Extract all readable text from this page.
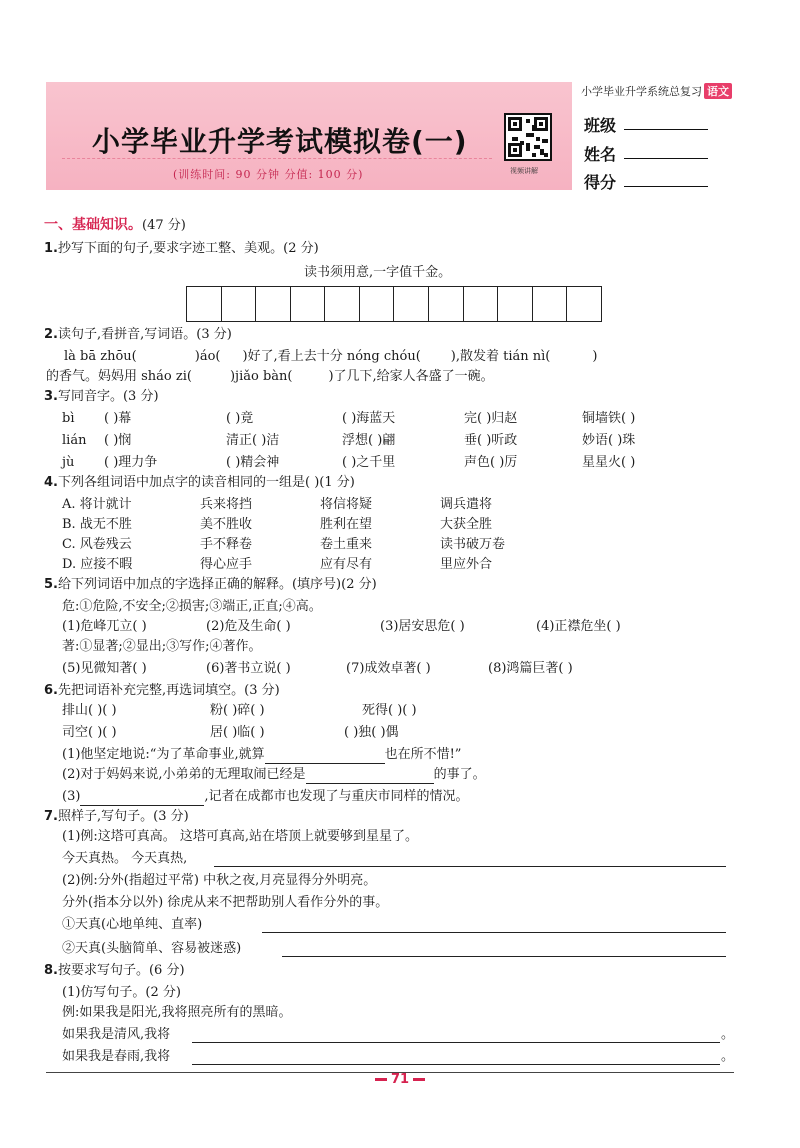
小学毕业升学系统总复习 语文
小学毕业升学考试模拟卷(一)
(训练时间: 90 分钟 分值: 100 分)	视频讲解
班级
姓名
得分
一、基础知识。(47 分)
1.抄写下面的句子,要求字迹工整、美观。(2 分)
读书须用意,一字值千金。
2.读句子,看拼音,写词语。(3 分)
là bā zhōu(	)áo( )好了,看上去十分 nóng chóu( ),散发着 tián nì(	)
的香气。妈妈用 sháo zi(	)jiǎo bàn(	)了几下,给家人各盛了一碗。
3.写同音字。(3 分)
bì ( )幕	( )竟	( )海蓝天	完( )归赵	铜墙铁( )
lián ( )悯	清正( )洁	浮想( )翩	垂( )听政	妙语( )珠
jù ( )理力争	( )精会神	( )之千里	声色( )厉	星星火( )
4.下列各组词语中加点字的读音相同的一组是( )(1 分)
A. 将计就计	兵来将挡	将信将疑	调兵遣将
B. 战无不胜	美不胜收	胜利在望	大获全胜
C. 风卷残云	手不释卷	卷土重来	读书破万卷
D. 应接不暇	得心应手	应有尽有	里应外合
5.给下列词语中加点的字选择正确的解释。(填序号)(2 分)
危:①危险,不安全;②损害;③端正,正直;④高。
(1)危峰兀立( )	(2)危及生命( )	(3)居安思危( )	(4)正襟危坐( )
著:①显著;②显出;③写作;④著作。
(5)见微知著( )	(6)著书立说( )	(7)成效卓著( )	(8)鸿篇巨著( )
6.先把词语补充完整,再选词填空。(3 分)
排山( )( )	粉( )碎( )	死得( )( )
司空( )( )	居( )临( )	( )独( )偶
(1)他坚定地说:“为了革命事业,就算	也在所不惜!”
(2)对于妈妈来说,小弟弟的无理取闹已经是	的事了。
(3)	,记者在成都市也发现了与重庆市同样的情况。
7.照样子,写句子。(3 分)
(1)例:这塔可真高。 这塔可真高,站在塔顶上就要够到星星了。
今天真热。 今天真热,
(2)例:分外(指超过平常) 中秋之夜,月亮显得分外明亮。
分外(指本分以外) 徐虎从来不把帮助别人看作分外的事。
①天真(心地单纯、直率)
②天真(头脑简单、容易被迷惑)
8.按要求写句子。(6 分)
(1)仿写句子。(2 分)
例:如果我是阳光,我将照亮所有的黑暗。
如果我是清风,我将	。
如果我是春雨,我将	。
71
